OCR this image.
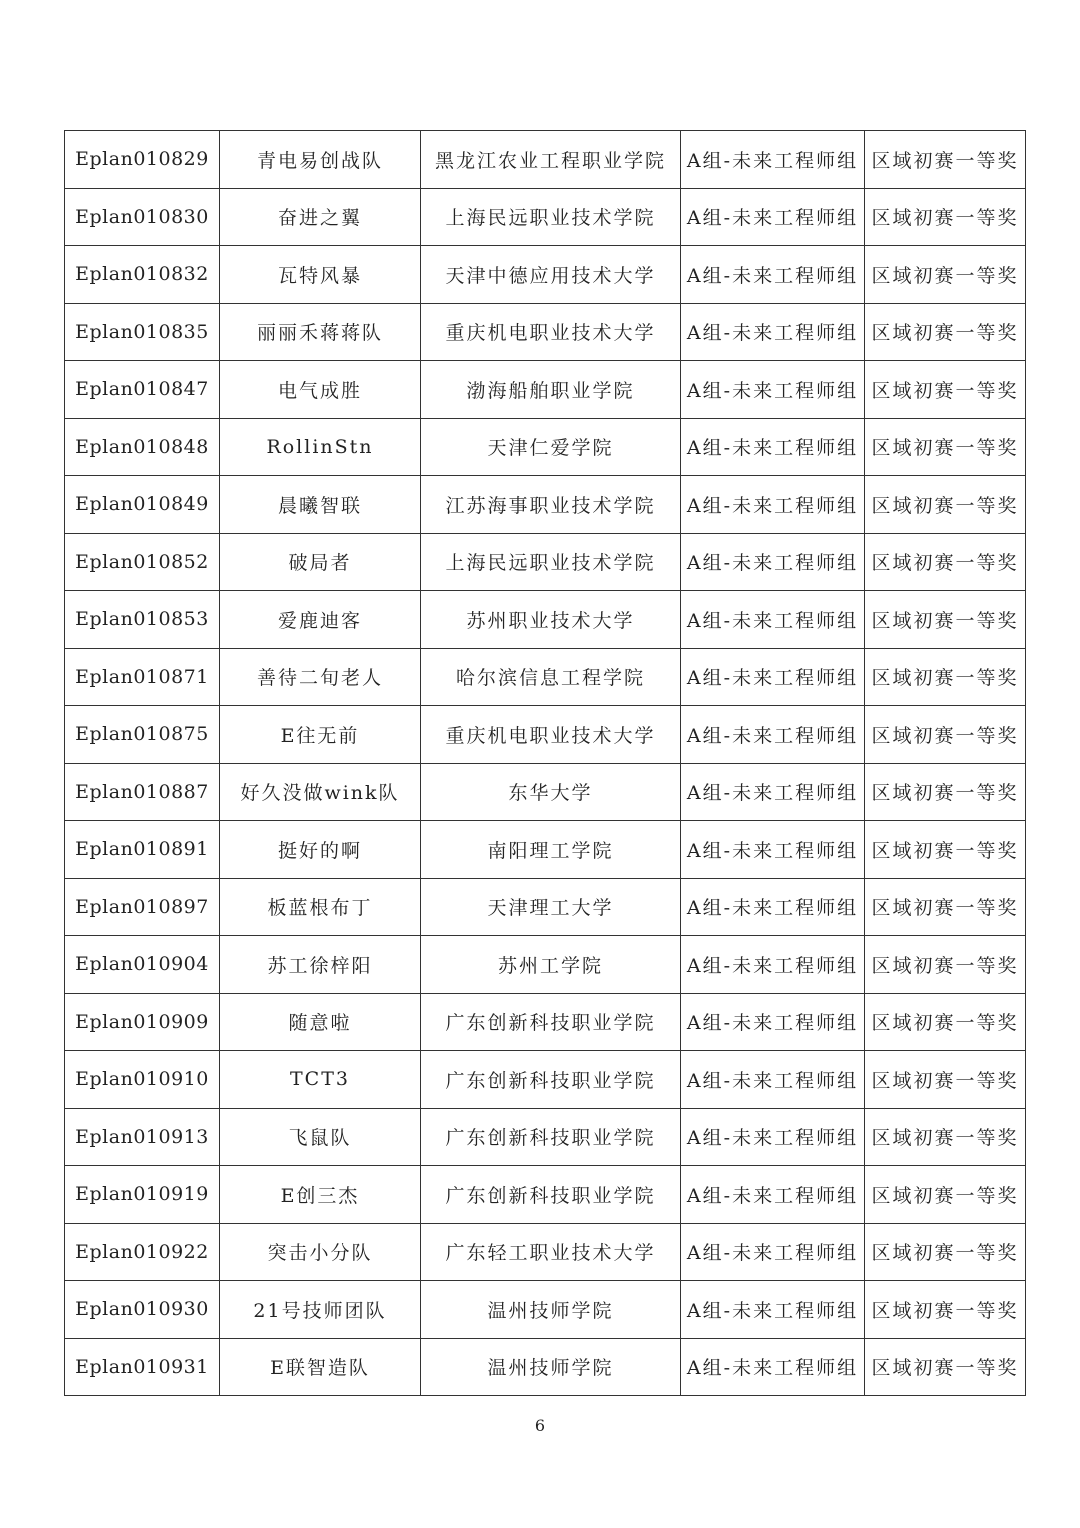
Eplan010829	青电易创战队	黑龙江农业工程职业学院	A组-未来工程师组	区域初赛一等奖
Eplan010830	奋进之翼	上海民远职业技术学院	A组-未来工程师组	区域初赛一等奖
Eplan010832	瓦特风暴	天津中德应用技术大学	A组-未来工程师组	区域初赛一等奖
Eplan010835	丽丽禾蒋蒋队	重庆机电职业技术大学	A组-未来工程师组	区域初赛一等奖
Eplan010847	电气成胜	渤海船舶职业学院	A组-未来工程师组	区域初赛一等奖
Eplan010848	RollinStn	天津仁爱学院	A组-未来工程师组	区域初赛一等奖
Eplan010849	晨曦智联	江苏海事职业技术学院	A组-未来工程师组	区域初赛一等奖
Eplan010852	破局者	上海民远职业技术学院	A组-未来工程师组	区域初赛一等奖
Eplan010853	爱鹿迪客	苏州职业技术大学	A组-未来工程师组	区域初赛一等奖
Eplan010871	善待二旬老人	哈尔滨信息工程学院	A组-未来工程师组	区域初赛一等奖
Eplan010875	E往无前	重庆机电职业技术大学	A组-未来工程师组	区域初赛一等奖
Eplan010887	好久没做wink队	东华大学	A组-未来工程师组	区域初赛一等奖
Eplan010891	挺好的啊	南阳理工学院	A组-未来工程师组	区域初赛一等奖
Eplan010897	板蓝根布丁	天津理工大学	A组-未来工程师组	区域初赛一等奖
Eplan010904	苏工徐梓阳	苏州工学院	A组-未来工程师组	区域初赛一等奖
Eplan010909	随意啦	广东创新科技职业学院	A组-未来工程师组	区域初赛一等奖
Eplan010910	TCT3	广东创新科技职业学院	A组-未来工程师组	区域初赛一等奖
Eplan010913	飞鼠队	广东创新科技职业学院	A组-未来工程师组	区域初赛一等奖
Eplan010919	E创三杰	广东创新科技职业学院	A组-未来工程师组	区域初赛一等奖
Eplan010922	突击小分队	广东轻工职业技术大学	A组-未来工程师组	区域初赛一等奖
Eplan010930	21号技师团队	温州技师学院	A组-未来工程师组	区域初赛一等奖
Eplan010931	E联智造队	温州技师学院	A组-未来工程师组	区域初赛一等奖
6
